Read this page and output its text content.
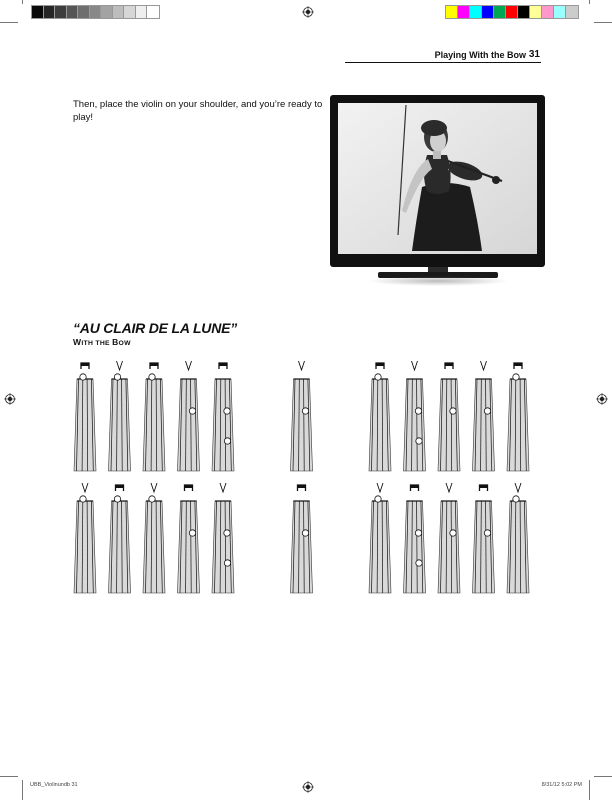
Playing With the Bow 31
Then, place the violin on your shoulder, and you’re ready to play!
“AU CLAIR DE LA LUNE”
WITH THE BOW
UBB_Violinundb 31	8/31/12 5:02 PM
